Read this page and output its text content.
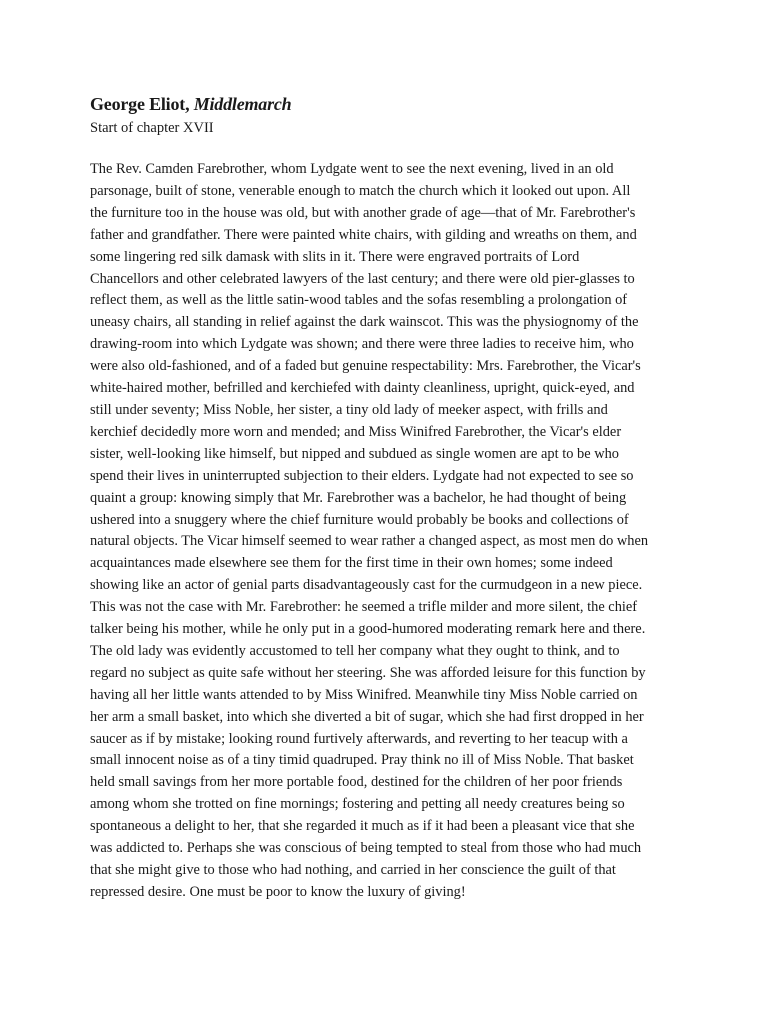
George Eliot, Middlemarch

Start of chapter XVII

The Rev. Camden Farebrother, whom Lydgate went to see the next evening, lived in an old
parsonage, built of stone, venerable enough to match the church which it looked out upon. All
the furniture too in the house was old, but with another grade of age—that of Mr. Farebrother's
father and grandfather. There were painted white chairs, with gilding and wreaths on them, and
some lingering red silk damask with slits in it. There were engraved portraits of Lord
Chancellors and other celebrated lawyers of the last century; and there were old pier-glasses to
reflect them, as well as the little satin-wood tables and the sofas resembling a prolongation of
uneasy chairs, all standing in relief against the dark wainscot. This was the physiognomy of the
drawing-room into which Lydgate was shown; and there were three ladies to receive him, who
were also old-fashioned, and of a faded but genuine respectability: Mrs. Farebrother, the Vicar's
white-haired mother, befrilled and kerchiefed with dainty cleanliness, upright, quick-eyed, and
still under seventy; Miss Noble, her sister, a tiny old lady of meeker aspect, with frills and
kerchief decidedly more worn and mended; and Miss Winifred Farebrother, the Vicar's elder
sister, well-looking like himself, but nipped and subdued as single women are apt to be who
spend their lives in uninterrupted subjection to their elders. Lydgate had not expected to see so
quaint a group: knowing simply that Mr. Farebrother was a bachelor, he had thought of being
ushered into a snuggery where the chief furniture would probably be books and collections of
natural objects. The Vicar himself seemed to wear rather a changed aspect, as most men do when
acquaintances made elsewhere see them for the first time in their own homes; some indeed
showing like an actor of genial parts disadvantageously cast for the curmudgeon in a new piece.
This was not the case with Mr. Farebrother: he seemed a trifle milder and more silent, the chief
talker being his mother, while he only put in a good-humored moderating remark here and there.
The old lady was evidently accustomed to tell her company what they ought to think, and to
regard no subject as quite safe without her steering. She was afforded leisure for this function by
having all her little wants attended to by Miss Winifred. Meanwhile tiny Miss Noble carried on
her arm a small basket, into which she diverted a bit of sugar, which she had first dropped in her
saucer as if by mistake; looking round furtively afterwards, and reverting to her teacup with a
small innocent noise as of a tiny timid quadruped. Pray think no ill of Miss Noble. That basket
held small savings from her more portable food, destined for the children of her poor friends
among whom she trotted on fine mornings; fostering and petting all needy creatures being so
spontaneous a delight to her, that she regarded it much as if it had been a pleasant vice that she
was addicted to. Perhaps she was conscious of being tempted to steal from those who had much
that she might give to those who had nothing, and carried in her conscience the guilt of that
repressed desire. One must be poor to know the luxury of giving!
